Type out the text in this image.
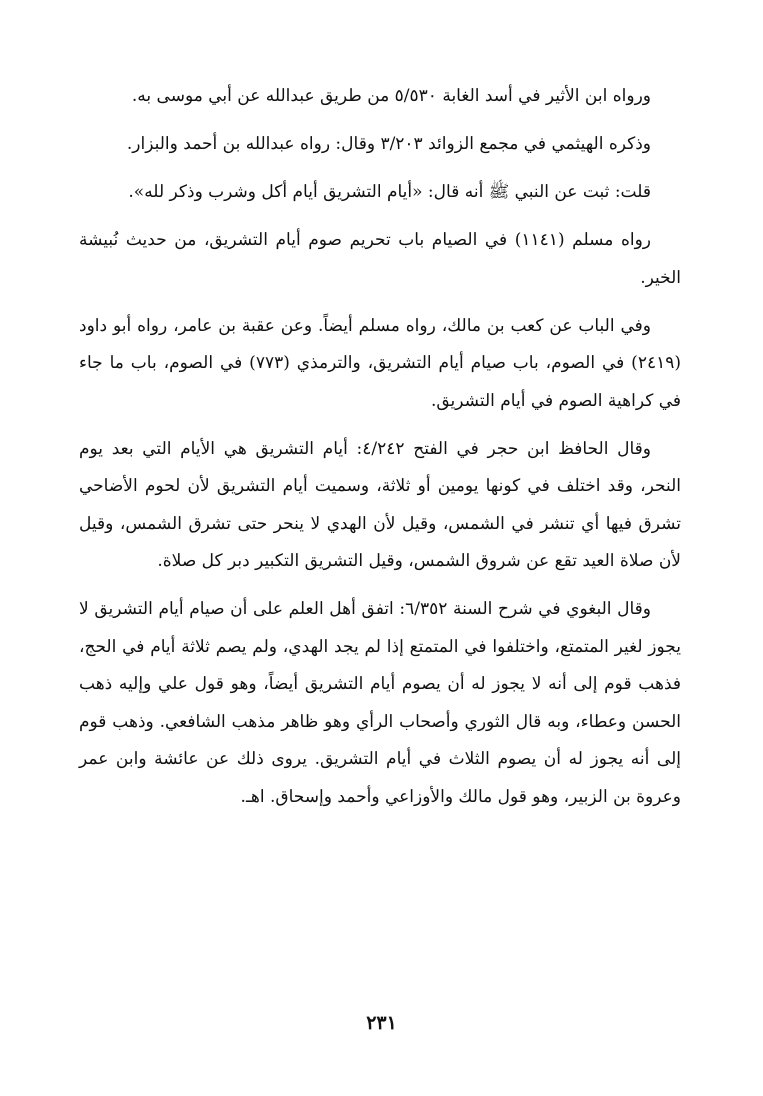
ورواه ابن الأثير في أسد الغابة ٥/٥٣٠ من طريق عبدالله عن أبي موسى به.

وذكره الهيثمي في مجمع الزوائد ٣/٢٠٣ وقال: رواه عبدالله بن أحمد والبزار.

قلت: ثبت عن النبي ﷺ أنه قال: «أيام التشريق أيام أكل وشرب وذكر لله».

رواه مسلم (١١٤١) في الصيام باب تحريم صوم أيام التشريق، من حديث نُبيشة الخير.

وفي الباب عن كعب بن مالك، رواه مسلم أيضاً. وعن عقبة بن عامر، رواه أبو داود (٢٤١٩) في الصوم، باب صيام أيام التشريق، والترمذي (٧٧٣) في الصوم، باب ما جاء في كراهية الصوم في أيام التشريق.

وقال الحافظ ابن حجر في الفتح ٤/٢٤٢: أيام التشريق هي الأيام التي بعد يوم النحر، وقد اختلف في كونها يومين أو ثلاثة، وسميت أيام التشريق لأن لحوم الأضاحي تشرق فيها أي تنشر في الشمس، وقيل لأن الهدي لا ينحر حتى تشرق الشمس، وقيل لأن صلاة العيد تقع عن شروق الشمس، وقيل التشريق التكبير دبر كل صلاة.

وقال البغوي في شرح السنة ٦/٣٥٢: اتفق أهل العلم على أن صيام أيام التشريق لا يجوز لغير المتمتع، واختلفوا في المتمتع إذا لم يجد الهدي، ولم يصم ثلاثة أيام في الحج، فذهب قوم إلى أنه لا يجوز له أن يصوم أيام التشريق أيضاً، وهو قول علي وإليه ذهب الحسن وعطاء، وبه قال الثوري وأصحاب الرأي وهو ظاهر مذهب الشافعي. وذهب قوم إلى أنه يجوز له أن يصوم الثلاث في أيام التشريق. يروى ذلك عن عائشة وابن عمر وعروة بن الزبير، وهو قول مالك والأوزاعي وأحمد وإسحاق. اهـ.

٢٣١
